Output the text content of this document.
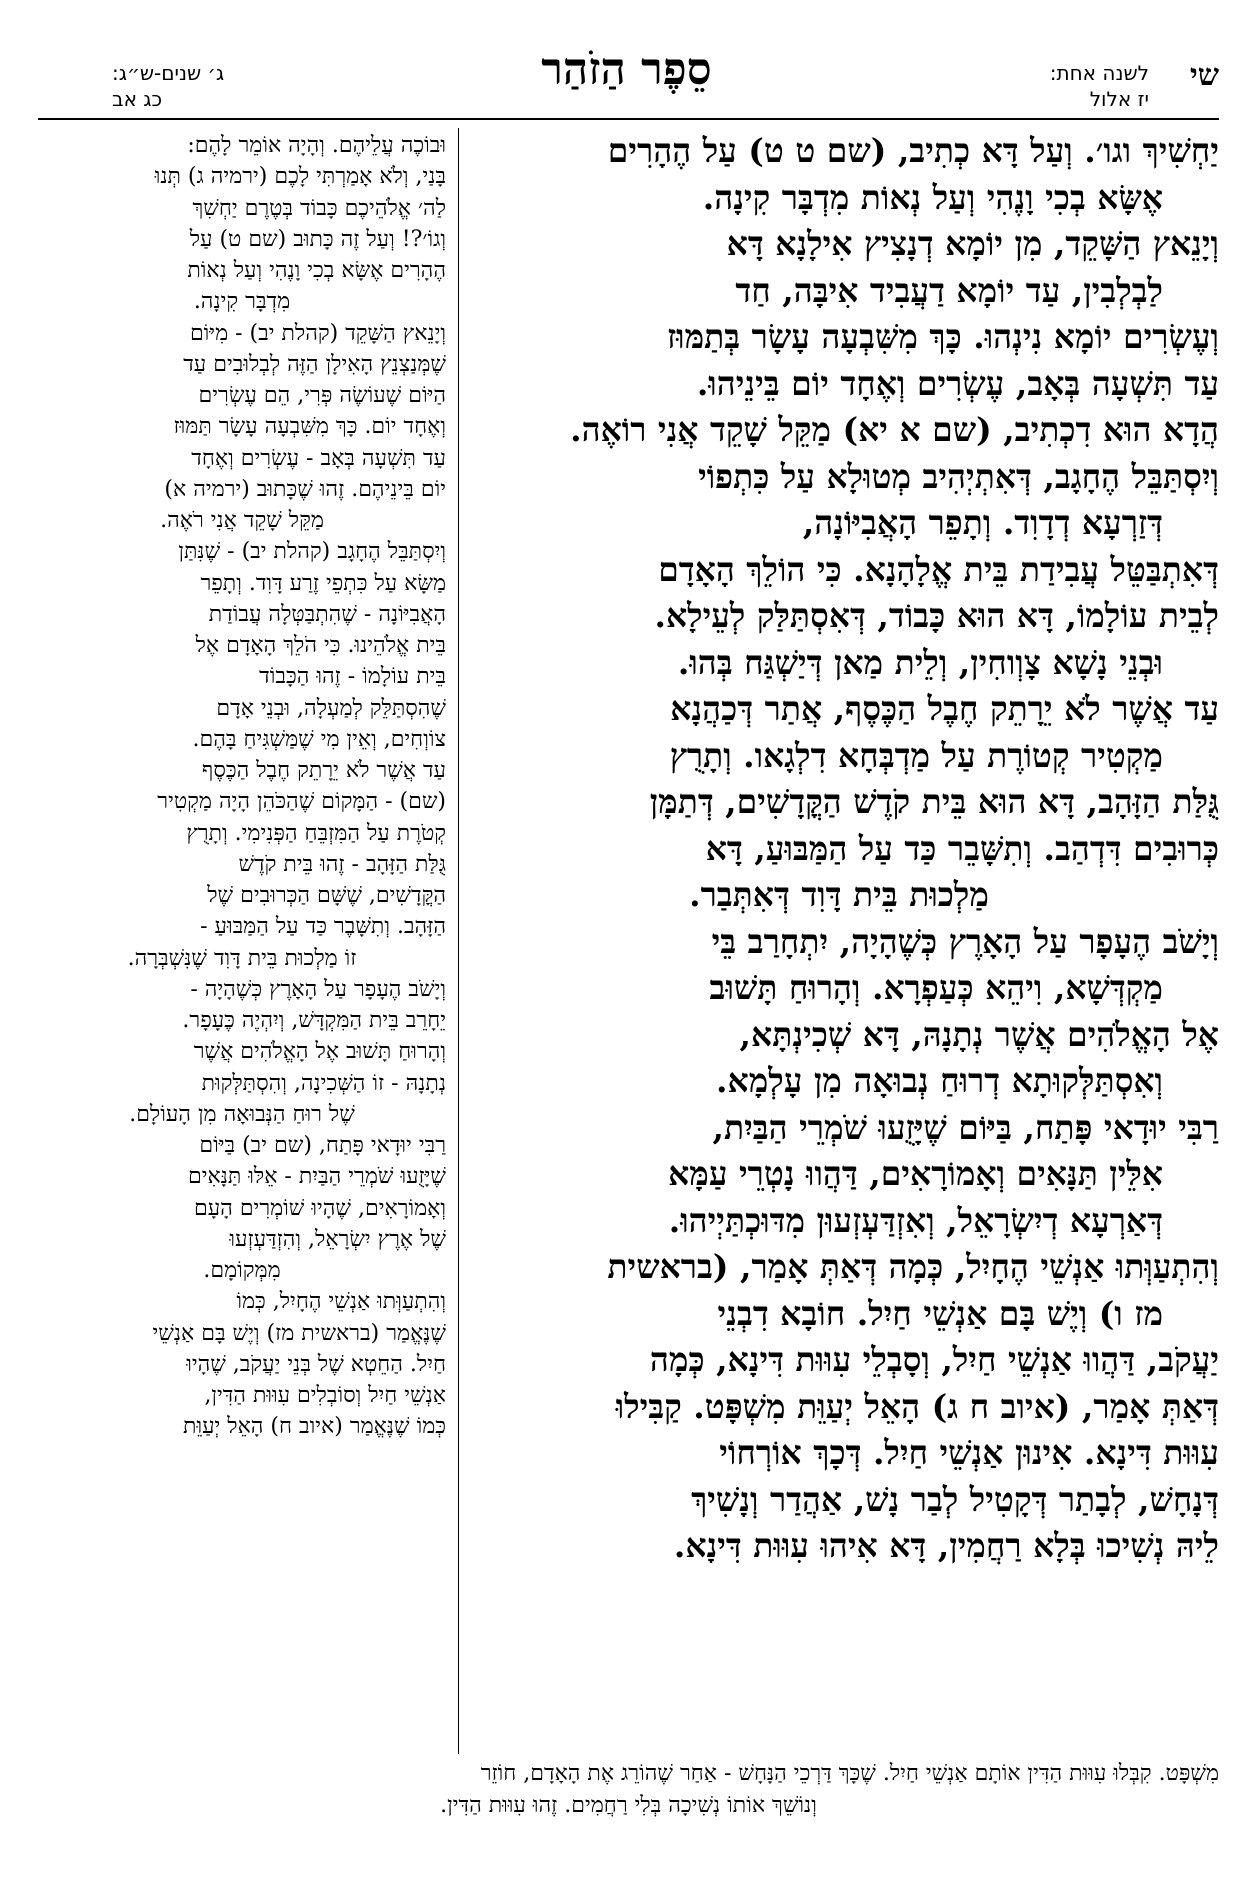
שי
לשנה אחת:
יז אלול
סֵפֶר הַזֹהַר
ג׳ שנים-ש״ג:
כג אב

יַחְשִׁיךְ וגו׳. וְעַל דָּא כְתִיב, (שם ט ט) עַל הֶהָרִים

אֶשָּׂא בְכִי וָנֶהִי וְעַל נְאוֹת מִדְבָּר קִינָה.

וְיָנֵאץ הַשָּׁקֵד, מִן יוֹמָא דְנָצִיץ אִילָנָא דָּא

לַבְלְבִין, עַד יוֹמָא דַעֲבִיד אִיבָּה, חַד

וְעֶשְׂרִים יוֹמָא נִינְהוּ. כָּךְ מִשִּׁבְעָה עָשָׂר בְּתַמּוּז

עַד תִּשְׁעָה בְּאָב, עֶשְׂרִים וְאֶחָד יוֹם בֵּינֵיהוּ.

הֲדָא הוּא דִכְתִיב, (שם א יא) מַקֵּל שָׁקֵד אֲנִי רוֹאֶה.

וְיִסְתַּבֵּל הֶחָגָב, דְּאִתְיְהִיב מְטוּלָא עַל כִּתְפוֹי

דְּזַרְעָא דְדָוִד. וְתָפֵר הָאֲבִיּוֹנָה,

דְּאִתְבַּטֵּל עֲבִידַת בֵּית אֱלָהָנָא. כִּי הוֹלֵךְ הָאָדָם

לְבֵית עוֹלָמוֹ, דָּא הוּא כָּבוֹד, דְּאִסְתַּלַּק לְעֵילָא.

וּבְנֵי נָשָׁא צָוְוחִין, וְלֵית מַאן דְּיַשְׁגַּח בְּהוּ.

עַד אֲשֶׁר לֹא יֵרָתֵק חֶבֶל הַכֶּסֶף, אֲתַר דְּכַהֲנָא

מַקְטִיר קְטוֹרֶת עַל מַדְבְּחָא דִלְגָאו. וְתָרֻץ

גֻּלַּת הַזָּהָב, דָּא הוּא בֵּית קֹדֶשׁ הַקֳּדָשִׁים, דְּתַמָּן

כְּרוּבִים דִּדְהַב. וְתִשָּׁבֵר כַּד עַל הַמַּבּוּעַ, דָּא

מַלְכוּת בֵּית דָּוִד דְּאִתְּבַר.

וְיָשֹׁב הֶעָפָר עַל הָאָרֶץ כְּשֶׁהָיָה, יִתְחָרַב בֵּי

מַקְדְּשָׁא, וִיהֵא כְּעַפְרָא. וְהָרוּחַ תָּשׁוּב

אֶל הָאֱלֹהִים אֲשֶׁר נְתָנָהּ, דָּא שְׁכִינְתָּא,

וְאִסְתַּלְּקוּתָא דְרוּחַ נְבוּאָה מִן עָלְמָא.

רַבִּי יוּדָאי פָּתַח, בַּיּוֹם שֶׁיָּזֻעוּ שֹׁמְרֵי הַבַּיִת,

אִלֵּין תַּנָּאִים וְאָמוֹרָאִים, דַּהֲווּ נָטְרֵי עַמָּא

דְּאַרְעָא דְיִשְׂרָאֵל, וְאִזְדַּעְזְעוּן מִדּוּכְתַּיְיהוּ.

וְהִתְעַוְּתוּ אַנְשֵׁי הֶחָיִל, כְּמָה דְּאַתְּ אָמַר, (בראשית

מז ו) וְיֶשׁ בָּם אַנְשֵׁי חַיִל. חוֹבָא דִבְנֵי

יַעֲקֹב, דַּהֲווּ אַנְשֵׁי חַיִל, וְסָבְלֵי עִוּוּת דִּינָא, כְּמָה

דְּאַתְּ אָמַר, (איוב ח ג) הָאֵל יְעַוֵּת מִשְׁפָּט. קַבִּילוּ

עִוּוּת דִּינָא. אִינוּן אַנְשֵׁי חַיִל. דְּכָךְ אוֹרְחוֹי

דְּנָחָשׁ, לְבָתַר דְּקָטִיל לְבַר נָשׁ, אַהֲדַר וְנָשִׁיךְ

לֵיהּ נְשִׁיכוּ בְּלָא רַחֲמִין, דָּא אִיהוּ עִוּוּת דִּינָא.

וּבוֹכֶה עֲלֵיהֶם. וְהָיָה אוֹמֵר לָהֶם:

בָּנַי, וְלֹא אָמַרְתִּי לָכֶם (ירמיה ג) תְּנוּ

לַה׳ אֱלֹהֵיכֶם כָּבוֹד בְּטֶרֶם יַחְשִׁךְ

וְגוֹ׳?! וְעַל זֶה כָּתוּב (שם ט) עַל

הֶהָרִים אֶשָּׂא בְכִי וָנֶהִי וְעַל נְאוֹת

מִדְבָּר קִינָה.

וְיָנֵאץ הַשָּׁקֵד (קהלת יב) - מִיּוֹם

שֶׁמְּנַצְנֵץ הָאִילָן הַזֶּה לְבְלוּבִים עַד

הַיּוֹם שֶׁעוֹשֶׂה פְּרִי, הֵם עֶשְׂרִים

וְאֶחָד יוֹם. כָּךְ מִשִּׁבְעָה עָשָׂר תַּמּוּז

עַד תִּשְׁעָה בְּאָב - עֶשְׂרִים וְאֶחָד

יוֹם בֵּינֵיהֶם. זֶהוּ שֶׁכָּתוּב (ירמיה א)

מַקֵּל שָׁקֵד אֲנִי רֹאֶה.

וְיִסְתַּבֵּל הֶחָגָב (קהלת יב) - שֶׁנִּתַּן

מַשָּׂא עַל כִּתְפֵי זֶרַע דָּוִד. וְתָפֵר

הָאֲבִיּוֹנָה - שֶׁהִתְבַּטְּלָה עֲבוֹדַת

בֵּית אֱלֹהֵינוּ. כִּי הֹלֵךְ הָאָדָם אֶל

בֵּית עוֹלָמוֹ - זֶהוּ הַכָּבוֹד

שֶׁהִסְתַּלֵּק לְמַעְלָה, וּבְנֵי אָדָם

צוֹוְחִים, וְאֵין מִי שֶׁמַּשְׁגִּיחַ בָּהֶם.

עַד אֲשֶׁר לֹא יֵרָתֵק חֶבֶל הַכֶּסֶף

(שם) - הַמָּקוֹם שֶׁהַכֹּהֵן הָיָה מַקְטִיר

קְטֹרֶת עַל הַמִּזְבֵּחַ הַפְּנִימִי. וְתָרֻץ

גֻּלַּת הַזָּהָב - זֶהוּ בֵּית קֹדֶשׁ

הַקֳּדָשִׁים, שֶׁשָּׁם הַכְּרוּבִים שֶׁל

הַזָּהָב. וְתִשָּׁבֶר כַּד עַל הַמַּבּוּעַ -

זוֹ מַלְכוּת בֵּית דָּוִד שֶׁנִּשְׁבְּרָה.

וְיָשֹׁב הֶעָפָר עַל הָאָרֶץ כְּשֶׁהָיָה -

יֵחָרֵב בֵּית הַמִּקְדָּשׁ, וְיִהְיֶה כֶּעָפָר.

וְהָרוּחַ תָּשׁוּב אֶל הָאֱלֹהִים אֲשֶׁר

נְתָנָהּ - זוֹ הַשְּׁכִינָה, וְהִסְתַּלְּקוּת

שֶׁל רוּחַ הַנְּבוּאָה מִן הָעוֹלָם.

רַבִּי יוּדָאי פָּתַח, (שם יב) בַּיּוֹם

שֶׁיָּזֻעוּ שֹׁמְרֵי הַבַּיִת - אֵלּוּ תַּנָּאִים

וְאָמוֹרָאִים, שֶׁהָיוּ שׁוֹמְרִים הָעָם

שֶׁל אֶרֶץ יִשְׂרָאֵל, וְהִזְדַּעְזְעוּ

מִמְּקוֹמָם.

וְהִתְעַוְּתוּ אַנְשֵׁי הֶחָיִל, כְּמוֹ

שֶׁנֶּאֱמַר (בראשית מז) וְיֶשׁ בָּם אַנְשֵׁי

חַיִל. הַחֵטְא שֶׁל בְּנֵי יַעֲקֹב, שֶׁהָיוּ

אַנְשֵׁי חַיִל וְסוֹבְלִים עִוּוּת הַדִּין,

כְּמוֹ שֶׁנֶּאֱמַר (איוב ח) הָאֵל יְעַוֵּת

מִשְׁפָּט. קִבְּלוּ עִוּוּת הַדִּין אוֹתָם אַנְשֵׁי חַיִל. שֶׁכָּךְ דַּרְכֵי הַנָּחָשׁ - אַחַר שֶׁהוֹרֵג אֶת הָאָדָם, חוֹזֵר

וְנוֹשֵׁךְ אוֹתוֹ נְשִׁיכָה בְּלִי רַחֲמִים. זֶהוּ עִוּוּת הַדִּין.
